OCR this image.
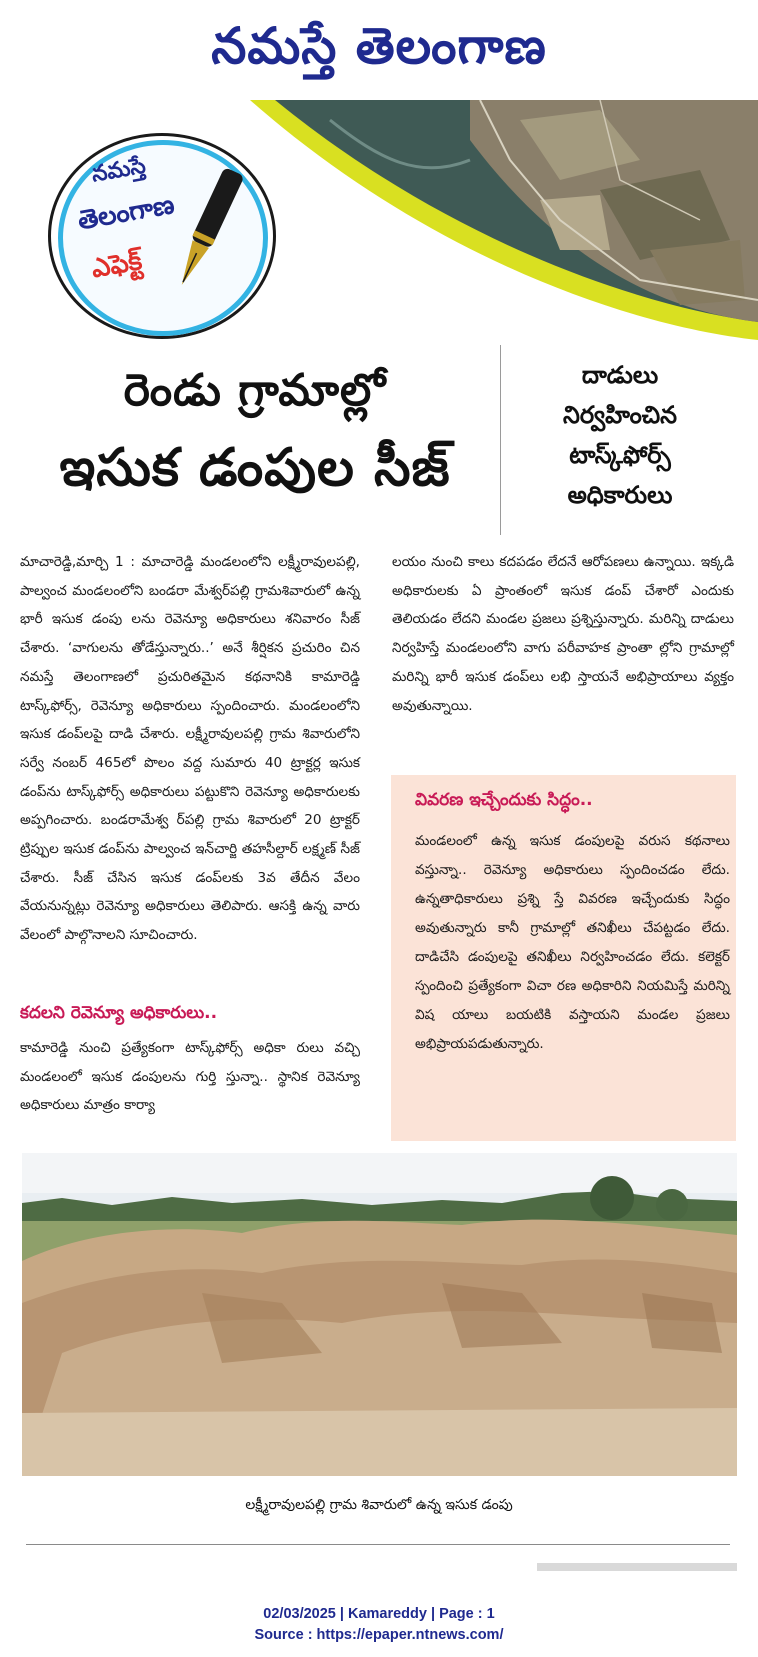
నమస్తే తెలంగాణ
నమస్తే
తెలంగాణ
ఎఫెక్ట్
రెండు గ్రామాల్లో
ఇసుక డంపుల సీజ్
దాడులు
నిర్వహించిన
టాస్క్‌ఫోర్స్‌
అధికారులు
మాచారెడ్డి,మార్చి 1 : మాచారెడ్డి మండలంలోని లక్ష్మీరావులపల్లి, పాల్వంచ మండలంలోని బండరా మేశ్వర్‌పల్లి గ్రామశివారులో ఉన్న భారీ ఇసుక డంపు లను రెవెన్యూ అధికారులు శనివారం సీజ్‌ చేశారు. ‘వాగులను తోడేస్తున్నారు..’ అనే శీర్షికన ప్రచురిం చిన నమస్తే తెలంగాణలో ప్రచురితమైన కథనానికి కామారెడ్డి టాస్క్‌ఫోర్స్‌, రెవెన్యూ అధికారులు స్పందించారు. మండలంలోని ఇసుక డంప్‌లపై దాడి చేశారు. లక్ష్మీరావులపల్లి గ్రామ శివారులోని సర్వే నంబర్‌ 465లో పొలం వద్ద సుమారు 40 ట్రాక్టర్ల ఇసుక డంప్‌ను టాస్క్‌ఫోర్స్‌ అధికారులు పట్టుకొని రెవెన్యూ అధికారులకు అప్పగించారు. బండరామేశ్వ ర్‌పల్లి గ్రామ శివారులో 20 ట్రాక్టర్‌ ట్రిప్పుల ఇసుక డంప్‌ను పాల్వంచ ఇన్‌చార్జి తహసీల్దార్‌ లక్ష్మణ్‌ సీజ్‌ చేశారు. సీజ్‌ చేసిన ఇసుక డంప్‌లకు 3వ తేదీన వేలం వేయనున్నట్లు రెవెన్యూ అధికారులు తెలిపారు. ఆసక్తి ఉన్న వారు వేలంలో పాల్గొనాలని సూచించారు.
కదలని రెవెన్యూ అధికారులు..
కామారెడ్డి నుంచి ప్రత్యేకంగా టాస్క్‌ఫోర్స్‌ అధికా రులు వచ్చి మండలంలో ఇసుక డంపులను గుర్తి స్తున్నా.. స్థానిక రెవెన్యూ అధికారులు మాత్రం కార్యా
లయం నుంచి కాలు కదపడం లేదనే ఆరోపణలు ఉన్నాయి. ఇక్కడి అధికారులకు ఏ ప్రాంతంలో ఇసుక డంప్‌ చేశారో ఎందుకు తెలియడం లేదని మండల ప్రజలు ప్రశ్నిస్తున్నారు. మరిన్ని దాడులు నిర్వహిస్తే మండలంలోని వాగు పరీవాహక ప్రాంతా ల్లోని గ్రామాల్లో మరిన్ని భారీ ఇసుక డంప్‌లు లభి స్తాయనే అభిప్రాయాలు వ్యక్తం అవుతున్నాయి.
వివరణ ఇచ్చేందుకు సిద్ధం..
మండలంలో ఉన్న ఇసుక డంపులపై వరుస కథనాలు వస్తున్నా.. రెవెన్యూ అధికారులు స్పందించడం లేదు. ఉన్నతాధికారులు ప్రశ్ని స్తే వివరణ ఇచ్చేందుకు సిద్ధం అవుతున్నారు కానీ గ్రామాల్లో తనిఖీలు చేపట్టడం లేదు. దాడిచేసి డంపులపై తనిఖీలు నిర్వహించడం లేదు. కలెక్టర్‌ స్పందించి ప్రత్యేకంగా విచా రణ అధికారిని నియమిస్తే మరిన్ని విష యాలు బయటికి వస్తాయని మండల ప్రజలు అభిప్రాయపడుతున్నారు.
లక్ష్మీరావులపల్లి గ్రామ శివారులో ఉన్న ఇసుక డంపు
02/03/2025 | Kamareddy | Page : 1
Source : https://epaper.ntnews.com/
